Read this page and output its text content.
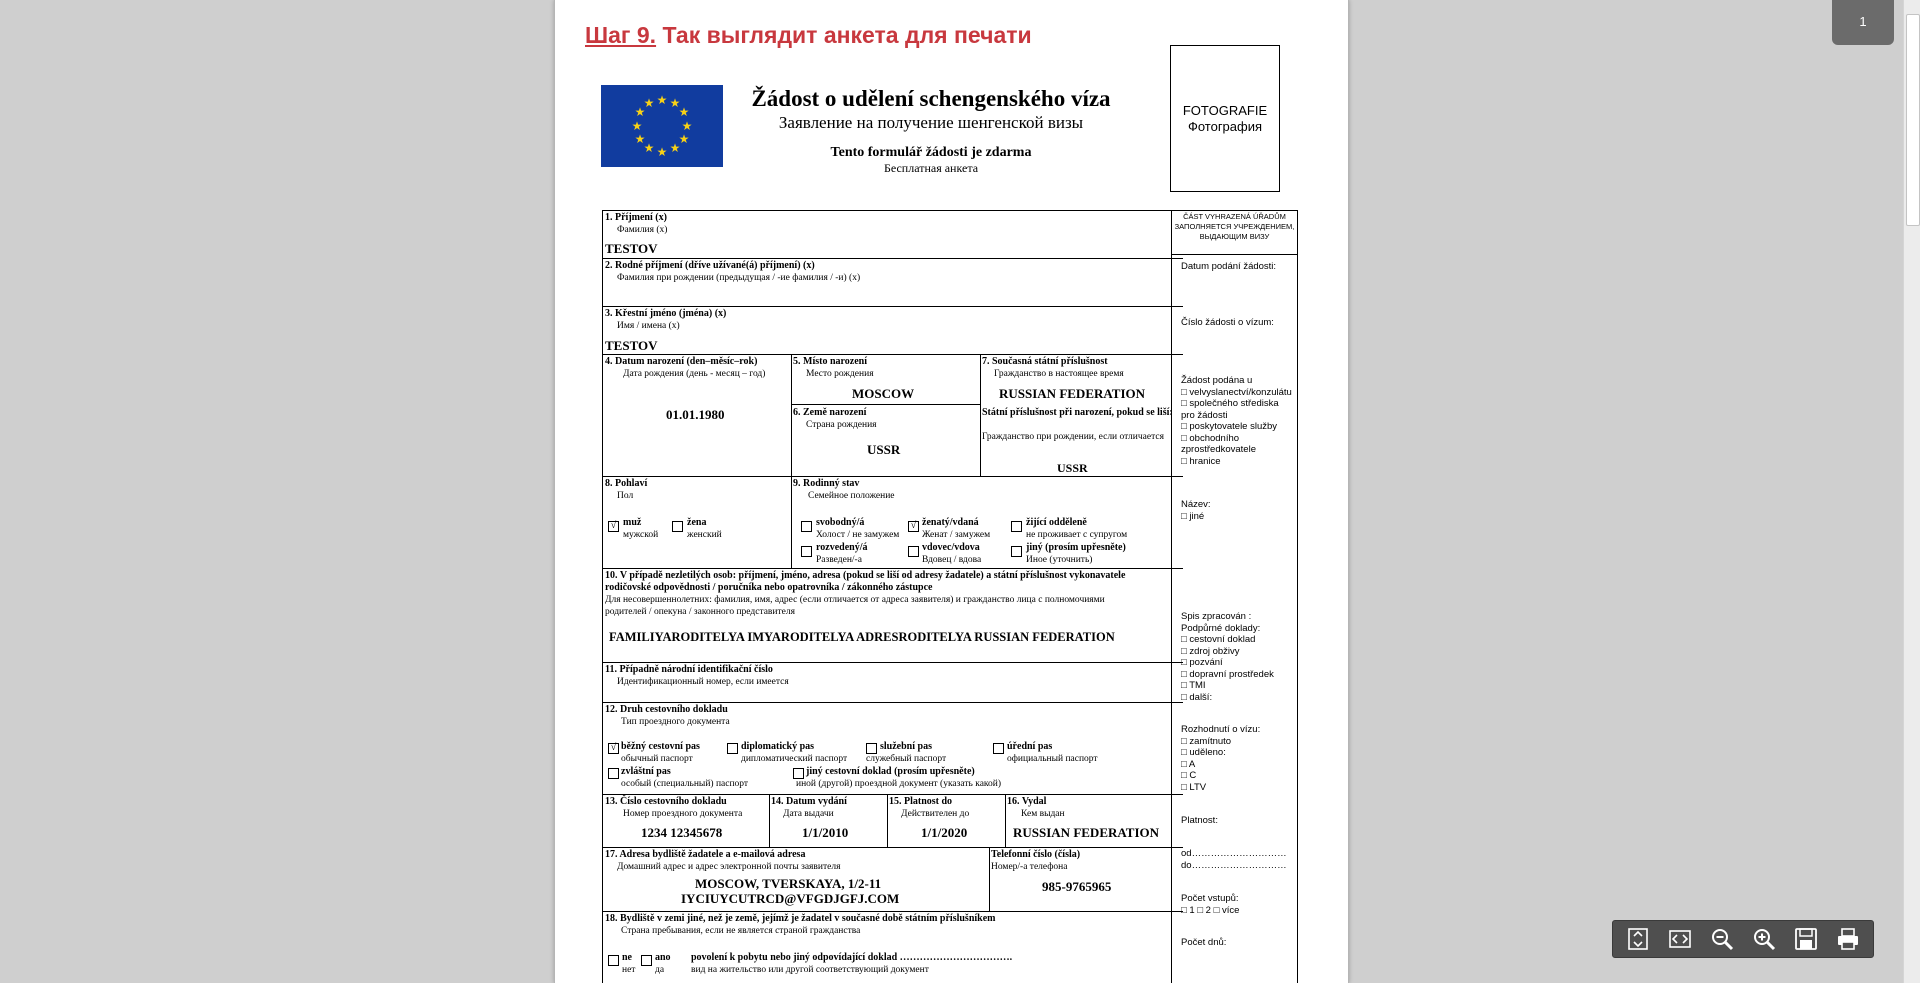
Шаг 9. Так выглядит анкета для печати
★ ★
★
★
★
★
★
★
★
★
★
★	Žádost o udělení schengenského víza
Заявление на получение шенгенской визы
Tento formulář žádosti je zdarma
Бесплатная анкета
FOTOGRAFIE
Фотография
1. Příjmení (x)
Фамилия (x)
TESTOV
2. Rodné příjmení (dříve užívané(á) příjmení) (x)
Фамилия при рождении (предыдущая / -ие фамилия / -и) (x)
3. Křestní jméno (jména) (x)
Имя / имена (x)
TESTOV
4. Datum narození (den–měsíc–rok)
Дата рождения (день - месяц – год)
01.01.1980
5. Místo narození
Место рождения
MOSCOW
6. Země narození
Страна рождения
USSR
7. Současná státní příslušnost
Гражданство в настоящее время
RUSSIAN FEDERATION
Státní příslušnost při narození, pokud se liší:
Гражданство при рождении, если отличается
USSR
8. Pohlaví
Пол
√ muž
мужской
žena
женский
9. Rodinný stav
Семейное положение
svobodný/á
Холост / не замужем
√ ženatý/vdaná
Женат / замужем
žijící odděleně
не проживает с супругом
rozvedený/á
Разведен/-а
vdovec/vdova
Вдовец / вдова
jiný (prosím upřesněte)
Иное (уточнить)
10. V případě nezletilých osob: příjmení, jméno, adresa (pokud se liší od adresy žadatele) a státní příslušnost vykonavatele
rodičovské odpovědnosti / poručníka nebo opatrovníka / zákonného zástupce
Для несовершеннолетних: фамилия, имя, адрес (если отличается от адреса заявителя) и гражданство лица с полномочиями
родителей / опекуна / законного представителя
FAMILIYARODITELYA IMYARODITELYA ADRESRODITELYA RUSSIAN FEDERATION
11. Případně národní identifikační číslo
Идентификационный номер, если имеется
12. Druh cestovního dokladu
Тип проездного документа
√ běžný cestovní pas
обычный паспорт
diplomatický pas
дипломатический паспорт
služební pas
служебный паспорт
úřední pas
официальный паспорт
zvláštní pas
особый (специальный) паспорт
jiný cestovní doklad (prosím upřesněte)
иной (другой) проездной документ (указать какой)
13. Číslo cestovního dokladu
Номер проездного документа
1234 12345678
14. Datum vydání
Дата выдачи
1/1/2010
15. Platnost do
Действителен до
1/1/2020
16. Vydal
Кем выдан
RUSSIAN FEDERATION
17. Adresa bydliště žadatele a e-mailová adresa
Домашний адрес и адрес электронной почты заявителя
MOSCOW, TVERSKAYA, 1/2-11
IYCIUYCUTRCD@VFGDJGFJ.COM
Telefonní číslo (čísla)
Номер/-а телефона
985-9765965
18. Bydliště v zemi jiné, než je země, jejímž je žadatel v současné době státním příslušníkem
Страна пребывания, если не является страной гражданства
ne
нет
ano
да
povolení k pobytu nebo jiný odpovídající doklad …………………………….
вид на жительство или другой соответствующий документ
ČÁST VYHRAZENÁ ÚŘADŮM
ЗАПОЛНЯЕТСЯ УЧРЕЖДЕНИЕМ, ВЫДАЮЩИМ ВИЗУ
Datum podání žádosti:
Číslo žádosti o vízum:
Žádost podána u
□ velvyslanectví/konzulátu
□ společného střediska pro žádosti
□ poskytovatele služby
□ obchodního zprostředkovatele
□ hranice
Název:
□ jiné
Spis zpracován :
Podpůrné doklady:
□ cestovní doklad
□ zdroj obživy
□ pozvání
□ dopravní prostředek
□ TMI
□ další:
Rozhodnutí o vízu:
□ zamítnuto
□ uděleno:
□ A
□ C
□ LTV
Platnost:
od…………………………
do…………………………
Počet vstupů:
□ 1 □ 2 □ více
Počet dnů:
1
